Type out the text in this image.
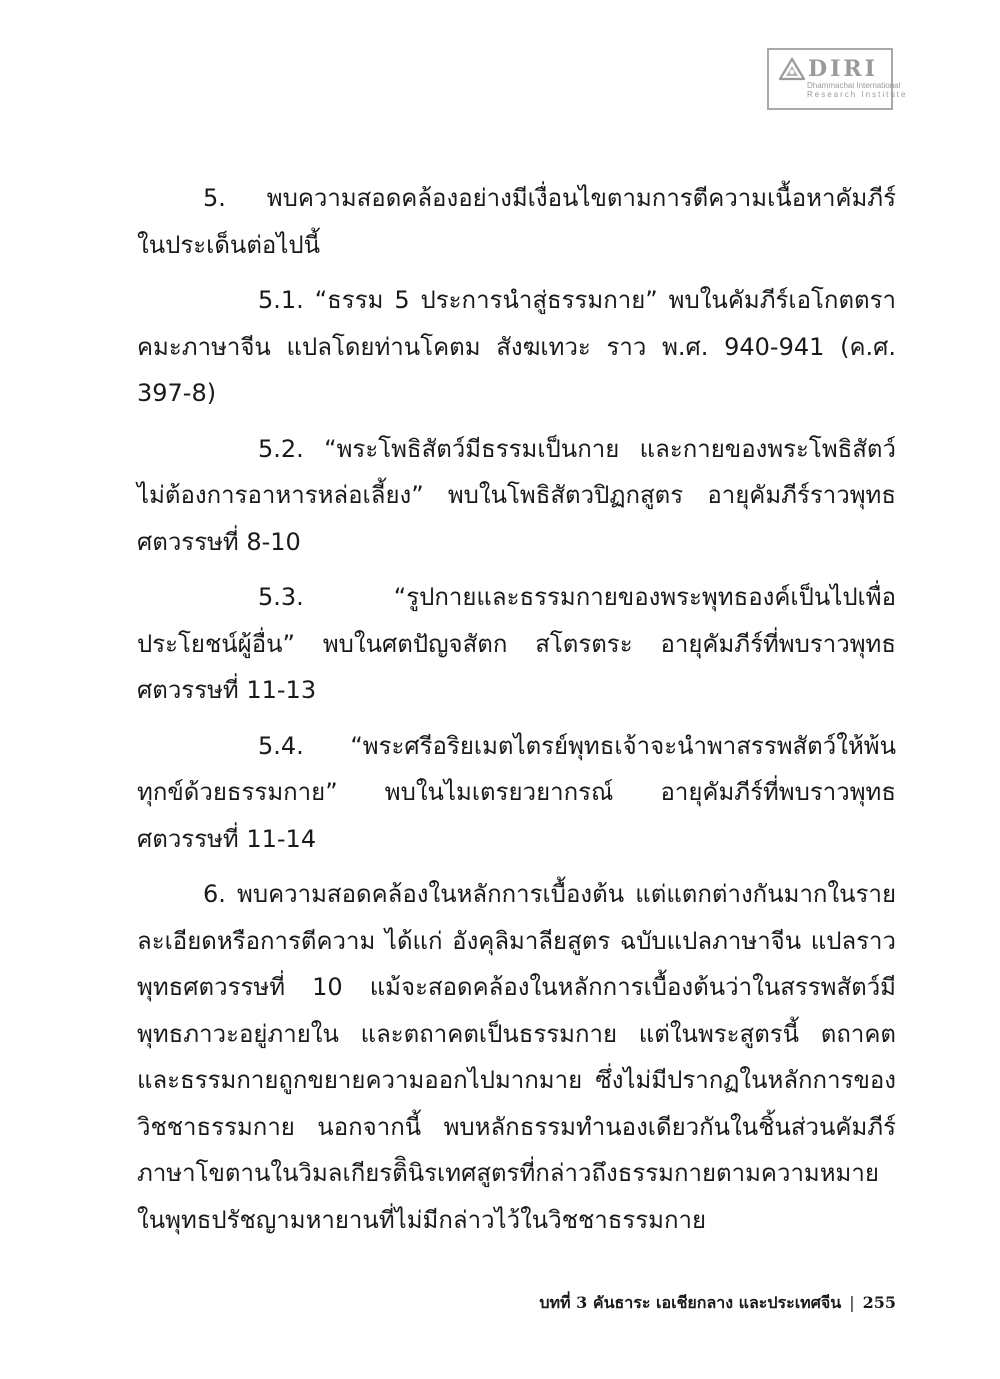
DIRI
Dhammachai International
Research Institute

5. พบความสอดคล้องอย่างมีเงื่อนไขตามการตีความเนื้อหาคัมภีร์ ในประเด็นต่อไปนี้

5.1. “ธรรม 5 ประการนำสู่ธรรมกาย” พบในคัมภีร์เอโกตตราคมะภาษาจีน แปลโดยท่านโคตม สังฆเทวะ ราว พ.ศ. 940-941 (ค.ศ. 397-8)

5.2. “พระโพธิสัตว์มีธรรมเป็นกาย และกายของพระโพธิสัตว์ไม่ต้องการอาหารหล่อเลี้ยง” พบในโพธิสัตวปิฏกสูตร อายุคัมภีร์ราวพุทธศตวรรษที่ 8-10

5.3. “รูปกายและธรรมกายของพระพุทธองค์เป็นไปเพื่อประโยชน์ผู้อื่น” พบในศตปัญจสัตก สโตรตระ อายุคัมภีร์ที่พบราวพุทธศตวรรษที่ 11-13

5.4. “พระศรีอริยเมตไตรย์พุทธเจ้าจะนำพาสรรพสัตว์ให้พ้นทุกข์ด้วยธรรมกาย” พบในไมเตรยวยากรณ์ อายุคัมภีร์ที่พบราวพุทธศตวรรษที่ 11-14

6. พบความสอดคล้องในหลักการเบื้องต้น แต่แตกต่างกันมากในรายละเอียดหรือการตีความ ได้แก่ อังคุลิมาลียสูตร ฉบับแปลภาษาจีน แปลราวพุทธศตวรรษที่ 10 แม้จะสอดคล้องในหลักการเบื้องต้นว่าในสรรพสัตว์มีพุทธภาวะอยู่ภายใน และตถาคตเป็นธรรมกาย แต่ในพระสูตรนี้ ตถาคตและธรรมกายถูกขยายความออกไปมากมาย ซึ่งไม่มีปรากฏในหลักการของวิชชาธรรมกาย นอกจากนี้ พบหลักธรรมทำนองเดียวกันในชิ้นส่วนคัมภีร์ภาษาโขตานในวิมลเกียรติินิรเทศสูตรที่กล่าวถึงธรรมกายตามความหมายในพุทธปรัชญามหายานที่ไม่มีกล่าวไว้ในวิชชาธรรมกาย

บทที่ 3 คันธาระ เอเชียกลาง และประเทศจีน | 255
